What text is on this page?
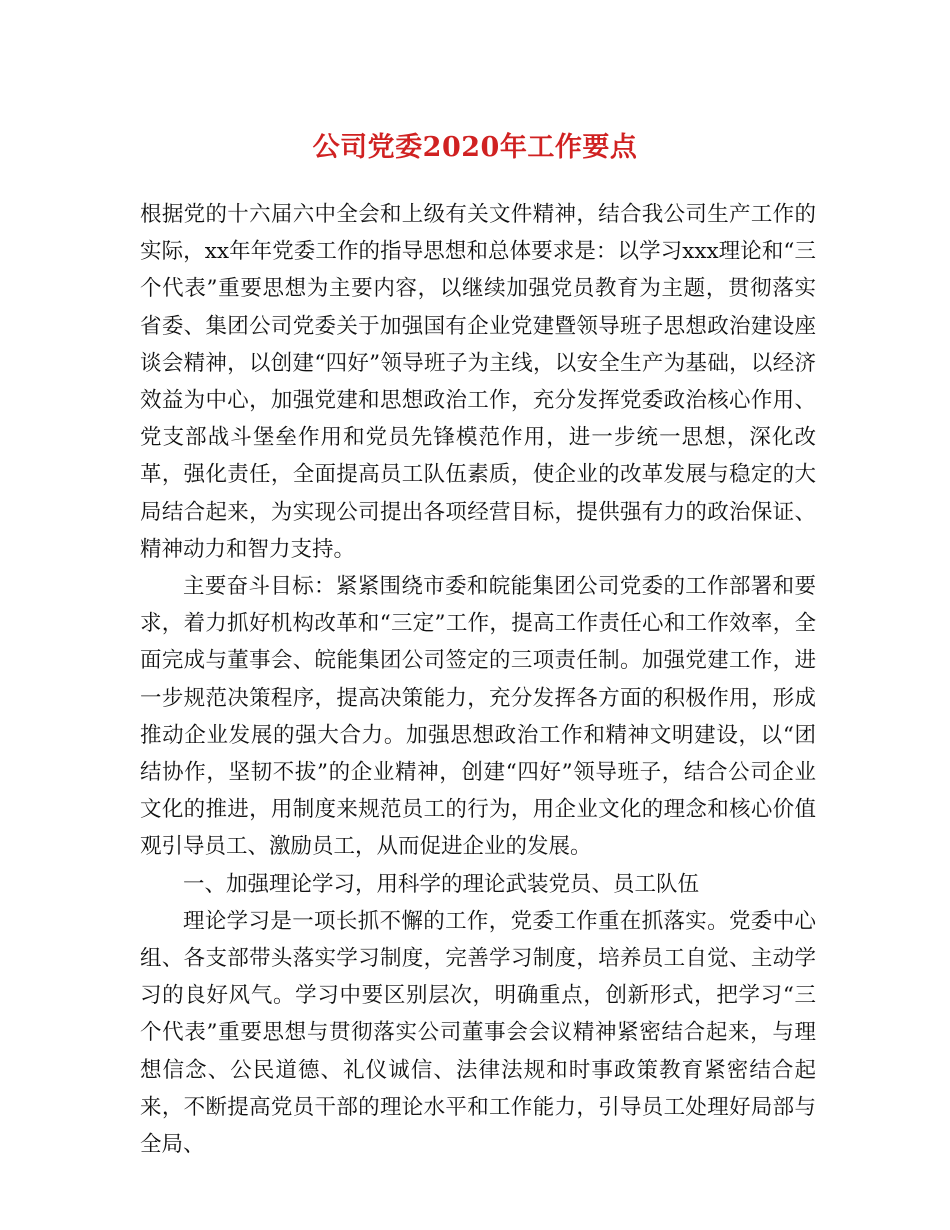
公司党委2020年工作要点

根据党的十六届六中全会和上级有关文件精神，结合我公司生产工作的实际，xx年年党委工作的指导思想和总体要求是：以学习xxx理论和“三个代表”重要思想为主要内容，以继续加强党员教育为主题，贯彻落实省委、集团公司党委关于加强国有企业党建暨领导班子思想政治建设座谈会精神，以创建“四好”领导班子为主线，以安全生产为基础，以经济效益为中心，加强党建和思想政治工作，充分发挥党委政治核心作用、党支部战斗堡垒作用和党员先锋模范作用，进一步统一思想，深化改革，强化责任，全面提高员工队伍素质，使企业的改革发展与稳定的大局结合起来，为实现公司提出各项经营目标，提供强有力的政治保证、精神动力和智力支持。

主要奋斗目标：紧紧围绕市委和皖能集团公司党委的工作部署和要求，着力抓好机构改革和“三定”工作，提高工作责任心和工作效率，全面完成与董事会、皖能集团公司签定的三项责任制。加强党建工作，进一步规范决策程序，提高决策能力，充分发挥各方面的积极作用，形成推动企业发展的强大合力。加强思想政治工作和精神文明建设，以“团结协作，坚韧不拔”的企业精神，创建“四好”领导班子，结合公司企业文化的推进，用制度来规范员工的行为，用企业文化的理念和核心价值观引导员工、激励员工，从而促进企业的发展。

一、加强理论学习，用科学的理论武装党员、员工队伍

理论学习是一项长抓不懈的工作，党委工作重在抓落实。党委中心组、各支部带头落实学习制度，完善学习制度，培养员工自觉、主动学习的良好风气。学习中要区别层次，明确重点，创新形式，把学习“三个代表”重要思想与贯彻落实公司董事会会议精神紧密结合起来，与理想信念、公民道德、礼仪诚信、法律法规和时事政策教育紧密结合起来，不断提高党员干部的理论水平和工作能力，引导员工处理好局部与全局、
